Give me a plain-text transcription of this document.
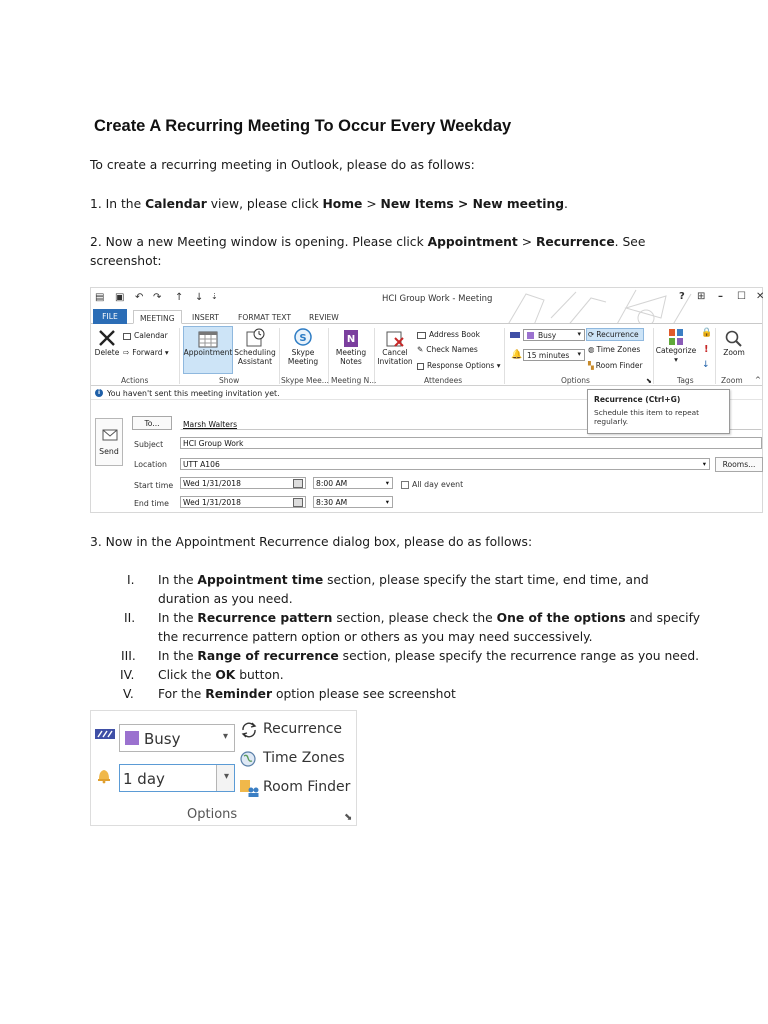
Create A Recurring Meeting To Occur Every Weekday
To create a recurring meeting in Outlook, please do as follows:
1. In the Calendar view, please click Home > New Items > New meeting.
2. Now a new Meeting window is opening. Please click Appointment > Recurrence. See
screenshot:
▤ ▣ ↶ ↷ ↑ ↓ ⇣	HCI Group Work - Meeting	? ⊞ – ☐ ✕
FILE	MEETING	INSERT	FORMAT TEXT	REVIEW
Delete
Calendar
⇨ Forward ▾ Appointment Scheduling
Assistant
S
Skype
Meeting
N
Meeting
Notes
Cancel
Invitation
Address Book
✎ Check Names
Response Options ▾
Busy	▾
🔔 15 minutes ▾
⟳ Recurrence
◍ Time Zones
▚ Room Finder
⬊
Categorize
▾
🔒
!
↓
Zoom
^
Actions	Show	Skype Mee... Meeting N...	Attendees	Options	Tags	Zoom
i You haven't sent this meeting invitation yet.
Recurrence (Ctrl+G)
Schedule this item to repeat regularly.
Send
To...	Marsh Walters
Subject	HCI Group Work
Location	UTT A106	▾	Rooms...
Start time	Wed 1/31/2018	8:00 AM	▾	All day event
End time	Wed 1/31/2018	8:30 AM	▾
3. Now in the Appointment Recurrence dialog box, please do as follows:
I. In the Appointment time section, please specify the start time, end time, and
duration as you need.
II. In the Recurrence pattern section, please check the One of the options and specify
the recurrence pattern option or others as you may need successively.
III. In the Range of recurrence section, please specify the recurrence range as you need.
IV. Click the OK button.
V. For the Reminder option please see screenshot
Busy	▾
1 day	▾
Recurrence
Time Zones
Room Finder
Options	⬊
